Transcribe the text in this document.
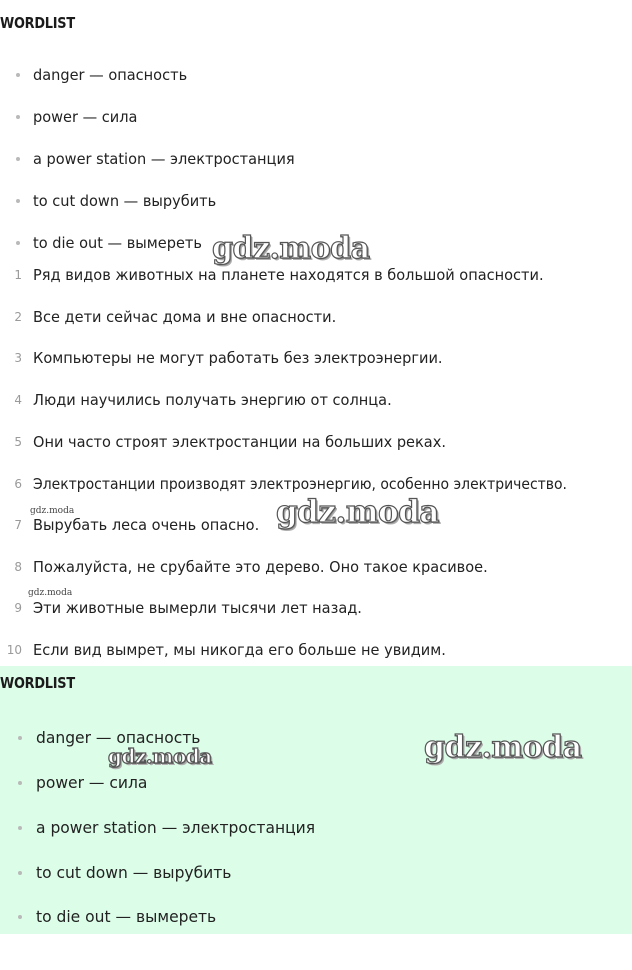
WORDLIST
danger — опасность
power — сила
a power station — электростанция
to cut down — вырубить
to die out — вымереть
1 Ряд видов животных на планете находятся в большой опасности.
2 Все дети сейчас дома и вне опасности.
3 Компьютеры не могут работать без электроэнергии.
4 Люди научились получать энергию от солнца.
5 Они часто строят электростанции на больших реках.
6 Электростанции производят электроэнергию, особенно электричество.
7 Вырубать леса очень опасно.
8 Пожалуйста, не срубайте это дерево. Оно такое красивое.
9 Эти животные вымерли тысячи лет назад.
10 Если вид вымрет, мы никогда его больше не увидим.
WORDLIST
danger — опасность
power — сила
a power station — электростанция
to cut down — вырубить
to die out — вымереть
gdz.moda
gdz.moda
gdz.moda	gdz.moda
gdz.moda
gdz.moda
